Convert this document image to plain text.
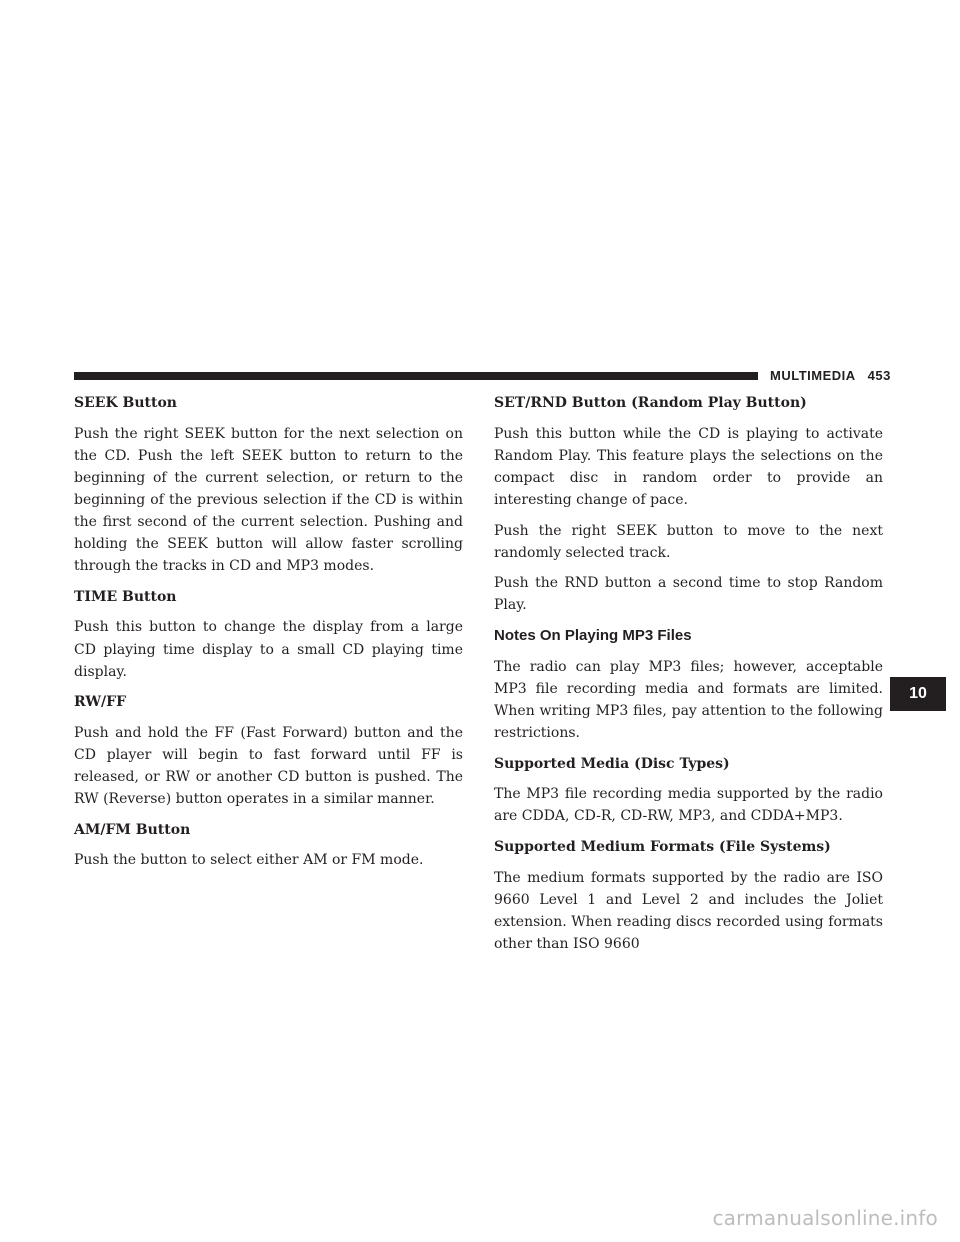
MULTIMEDIA 453
SEEK Button

Push the right SEEK button for the next selection on the CD. Push the left SEEK button to return to the beginning of the current selection, or return to the beginning of the previous selection if the CD is within the first second of the current selection. Pushing and holding the SEEK button will allow faster scrolling through the tracks in CD and MP3 modes.

TIME Button

Push this button to change the display from a large CD playing time display to a small CD playing time display.

RW/FF

Push and hold the FF (Fast Forward) button and the CD player will begin to fast forward until FF is released, or RW or another CD button is pushed. The RW (Reverse) button operates in a similar manner.

AM/FM Button

Push the button to select either AM or FM mode.

SET/RND Button (Random Play Button)

Push this button while the CD is playing to activate Random Play. This feature plays the selections on the compact disc in random order to provide an interesting change of pace.

Push the right SEEK button to move to the next randomly selected track.

Push the RND button a second time to stop Random Play.

Notes On Playing MP3 Files

The radio can play MP3 files; however, acceptable MP3 file recording media and formats are limited. When writing MP3 files, pay attention to the following restrictions.

Supported Media (Disc Types)

The MP3 file recording media supported by the radio are CDDA, CD-R, CD-RW, MP3, and CDDA+MP3.

Supported Medium Formats (File Systems)

The medium formats supported by the radio are ISO 9660 Level 1 and Level 2 and includes the Joliet extension. When reading discs recorded using formats other than ISO 9660

10
carmanualsonline.info
